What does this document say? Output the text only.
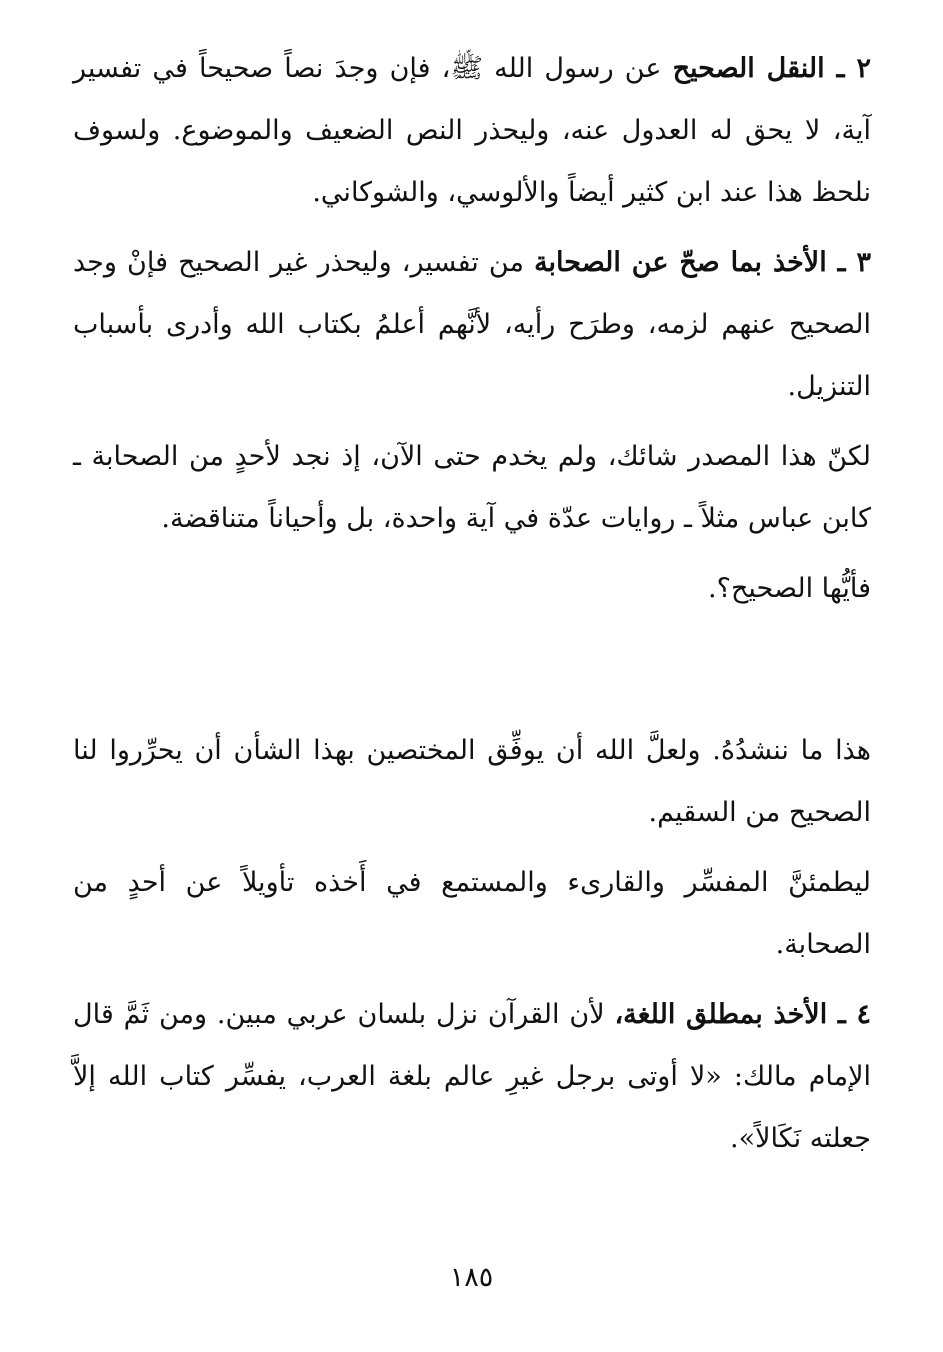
٢ ـ النقل الصحيح عن رسول الله ﷺ، فإن وجدَ نصاً صحيحاً في تفسير آية، لا يحق له العدول عنه، وليحذر النص الضعيف والموضوع. ولسوف نلحظ هذا عند ابن كثير أيضاً والألوسي، والشوكاني.

٣ ـ الأخذ بما صحّ عن الصحابة من تفسير، وليحذر غير الصحيح فإنْ وجد الصحيح عنهم لزمه، وطرَح رأيه، لأنَّهم أعلمُ بكتاب الله وأدرى بأسباب التنزيل.

لكنّ هذا المصدر شائك، ولم يخدم حتى الآن، إذ نجد لأحدٍ من الصحابة ـ كابن عباس مثلاً ـ روايات عدّة في آية واحدة، بل وأحياناً متناقضة.

فأيُّها الصحيح؟.

هذا ما ننشدُهُ. ولعلَّ الله أن يوفِّق المختصين بهذا الشأن أن يحرِّروا لنا الصحيح من السقيم.

ليطمئنَّ المفسِّر والقارىء والمستمع في أَخذه تأويلاً عن أحدٍ من الصحابة.

٤ ـ الأخذ بمطلق اللغة، لأن القرآن نزل بلسان عربي مبين. ومن ثَمَّ قال الإمام مالك: «لا أوتى برجل غيرِ عالم بلغة العرب، يفسِّر كتاب الله إلاَّ جعلته نَكَالاً».

١٨٥
